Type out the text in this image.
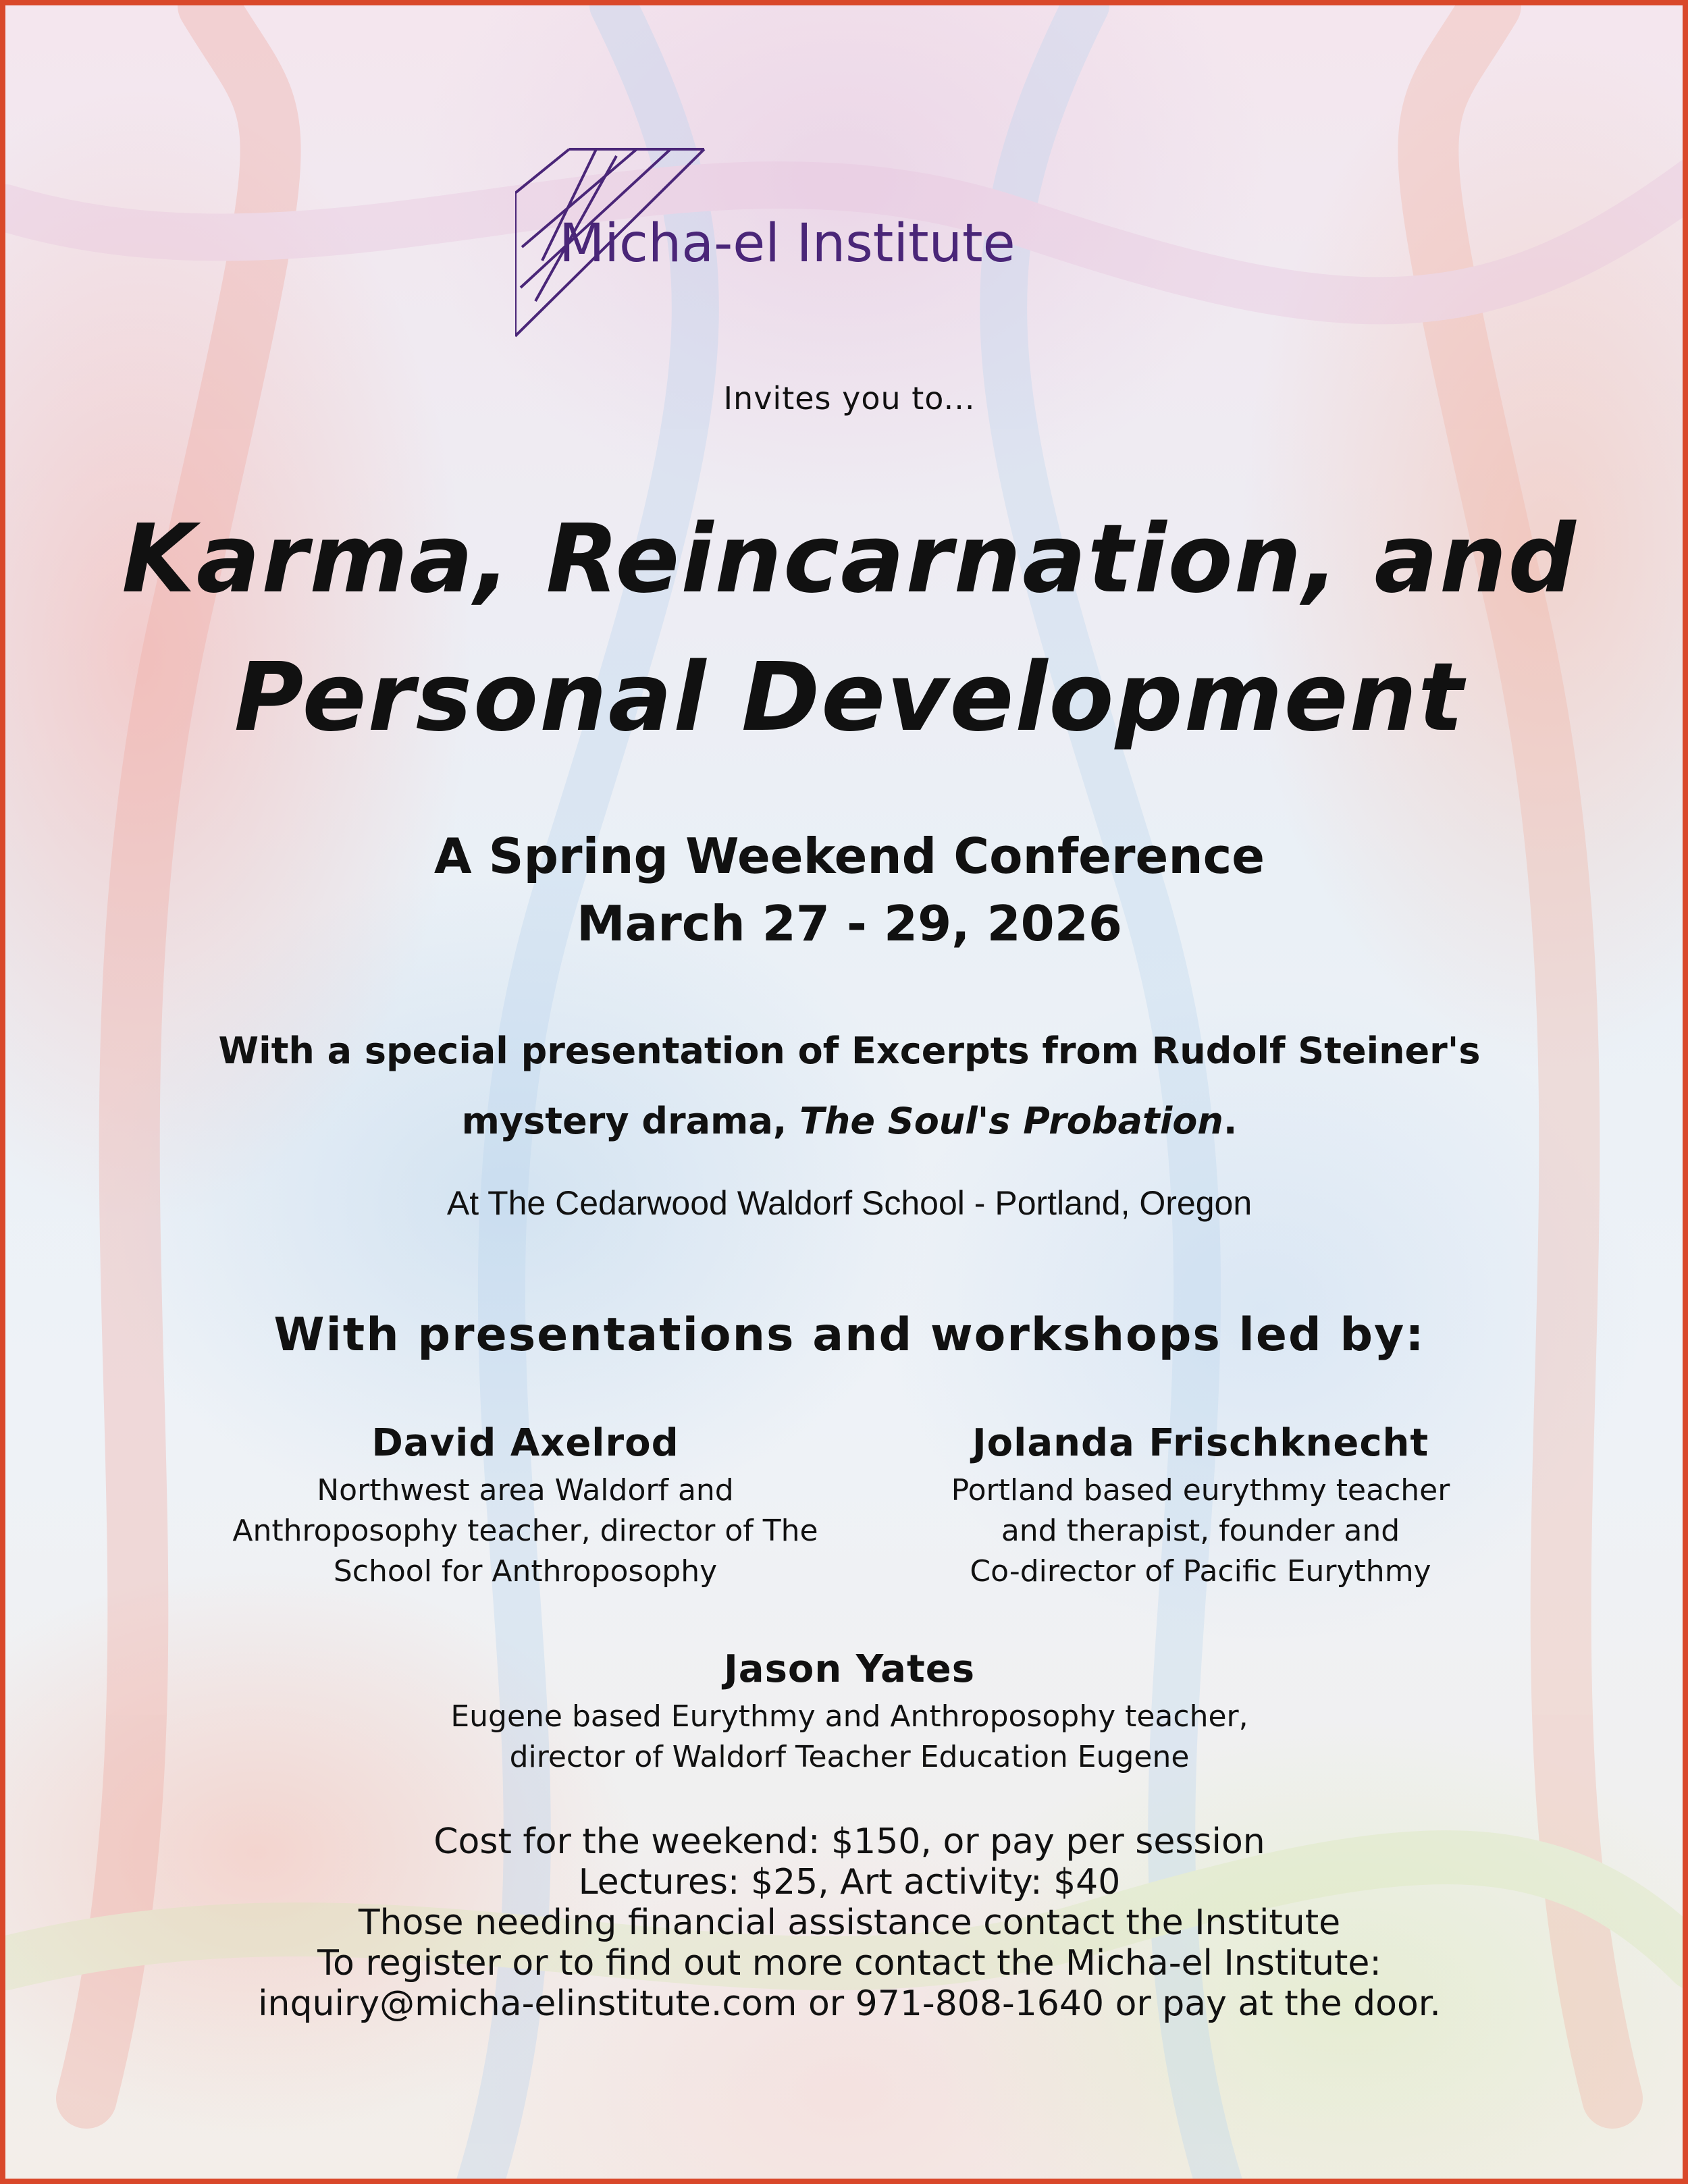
Micha-el Institute
Invites you to...
Karma, Reincarnation, and
Personal Development
A Spring Weekend Conference
March 27 - 29, 2026
With a special presentation of Excerpts from Rudolf Steiner's
mystery drama, The Soul's Probation.
At The Cedarwood Waldorf School - Portland, Oregon
With presentations and workshops led by:
David Axelrod
Northwest area Waldorf and
Anthroposophy teacher, director of The
School for Anthroposophy
Jolanda Frischknecht
Portland based eurythmy teacher
and therapist, founder and
Co-director of Pacific Eurythmy
Jason Yates
Eugene based Eurythmy and Anthroposophy teacher,
director of Waldorf Teacher Education Eugene
Cost for the weekend: $150, or pay per session
Lectures: $25, Art activity: $40
Those needing financial assistance contact the Institute
To register or to find out more contact the Micha-el Institute:
inquiry@micha-elinstitute.com or 971-808-1640 or pay at the door.
